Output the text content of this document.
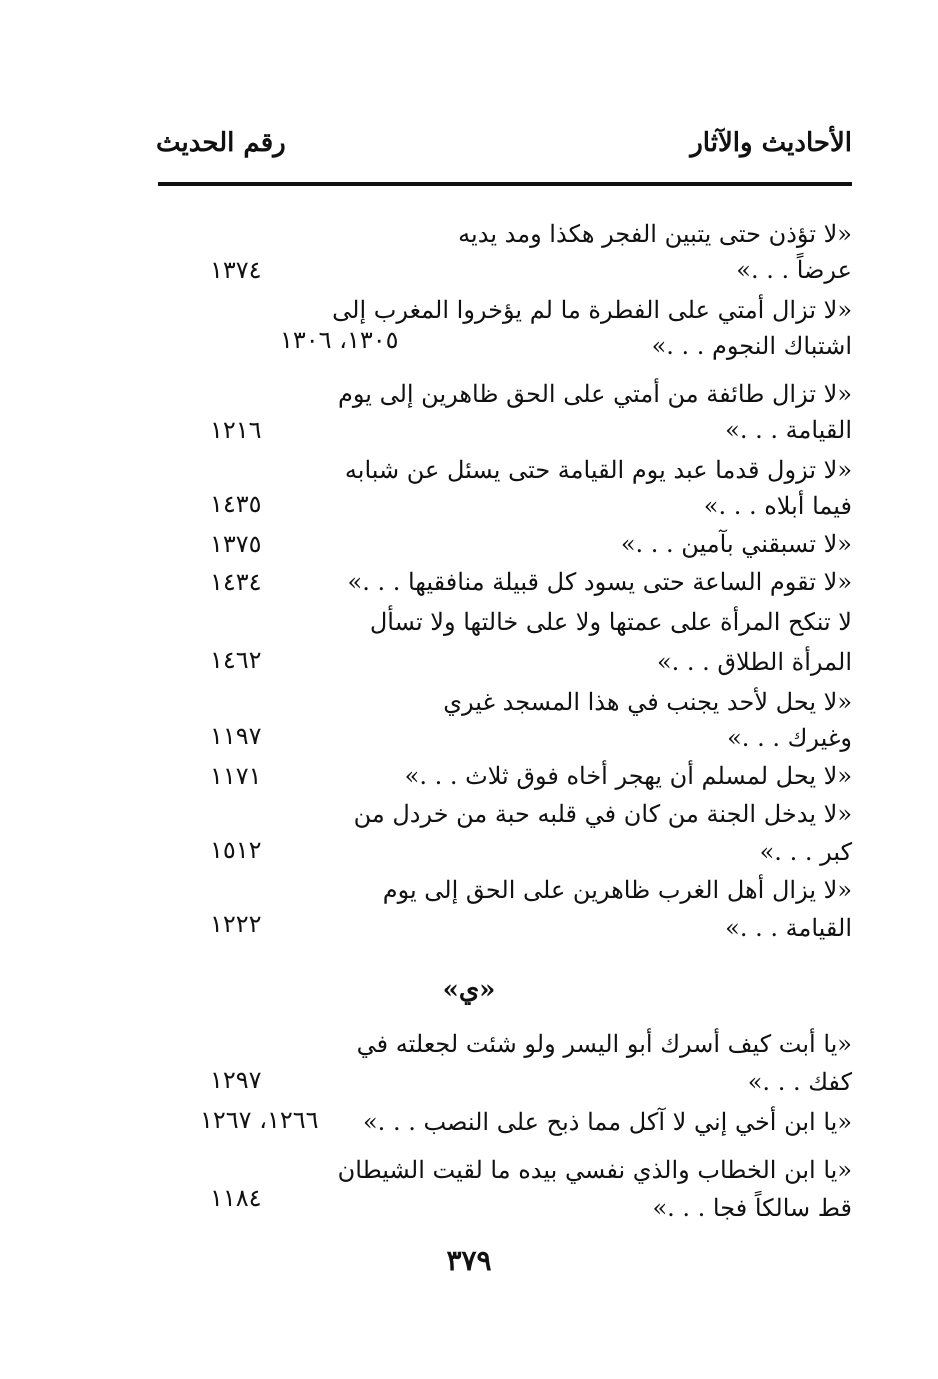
الأحاديث والآثار
رقم الحديث
«لا تؤذن حتى يتبين الفجر هكذا ومد يديه
عرضاً . . .»
١٣٧٤
«لا تزال أمتي على الفطرة ما لم يؤخروا المغرب إلى
اشتباك النجوم . . .»
١٣٠٥، ١٣٠٦
«لا تزال طائفة من أمتي على الحق ظاهرين إلى يوم
القيامة . . .»
١٢١٦
«لا تزول قدما عبد يوم القيامة حتى يسئل عن شبابه
فيما أبلاه . . .»
١٤٣٥
«لا تسبقني بآمين . . .»
١٣٧٥
«لا تقوم الساعة حتى يسود كل قبيلة منافقيها . . .»
١٤٣٤
لا تنكح المرأة على عمتها ولا على خالتها ولا تسأل
المرأة الطلاق . . .»
١٤٦٢
«لا يحل لأحد يجنب في هذا المسجد غيري
وغيرك . . .»
١١٩٧
«لا يحل لمسلم أن يهجر أخاه فوق ثلاث . . .»
١١٧١
«لا يدخل الجنة من كان في قلبه حبة من خردل من
كبر . . .»
١٥١٢
«لا يزال أهل الغرب ظاهرين على الحق إلى يوم
القيامة . . .»
١٢٢٢
«ي»
«يا أبت كيف أسرك أبو اليسر ولو شئت لجعلته في
كفك . . .»
١٢٩٧
«يا ابن أخي إني لا آكل مما ذبح على النصب . . .»
١٢٦٦، ١٢٦٧
«يا ابن الخطاب والذي نفسي بيده ما لقيت الشيطان
قط سالكاً فجا . . .»
١١٨٤
٣٧٩
